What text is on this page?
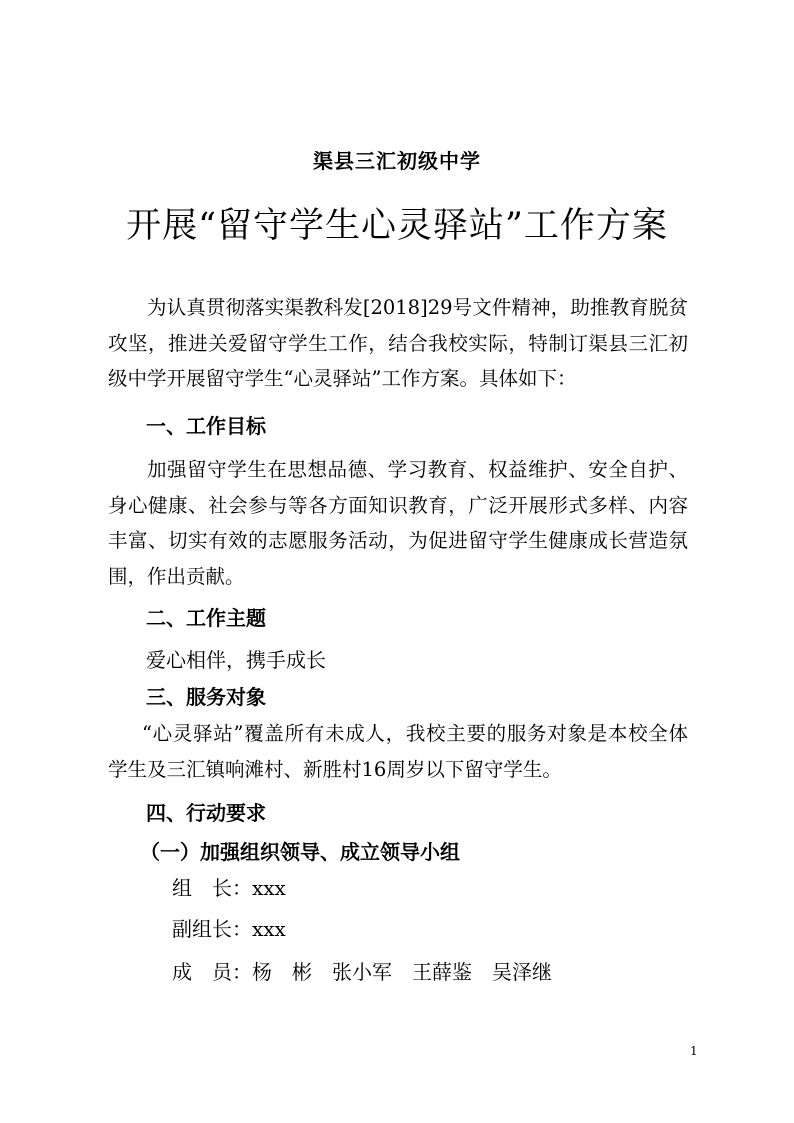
渠县三汇初级中学
开展“留守学生心灵驿站”工作方案

为认真贯彻落实渠教科发[2018]29号文件精神，助推教育脱贫攻坚，推进关爱留守学生工作，结合我校实际，特制订渠县三汇初级中学开展留守学生“心灵驿站”工作方案。具体如下：

一、工作目标

加强留守学生在思想品德、学习教育、权益维护、安全自护、身心健康、社会参与等各方面知识教育，广泛开展形式多样、内容丰富、切实有效的志愿服务活动，为促进留守学生健康成长营造氛围，作出贡献。

二、工作主题
爱心相伴，携手成长
三、服务对象

“心灵驿站”覆盖所有未成人，我校主要的服务对象是本校全体学生及三汇镇响滩村、新胜村16周岁以下留守学生。

四、行动要求
（一）加强组织领导、成立领导小组
组　长：xxx
副组长：xxx
成　员：杨　彬　张小军　王薛鉴　吴泽继
1
